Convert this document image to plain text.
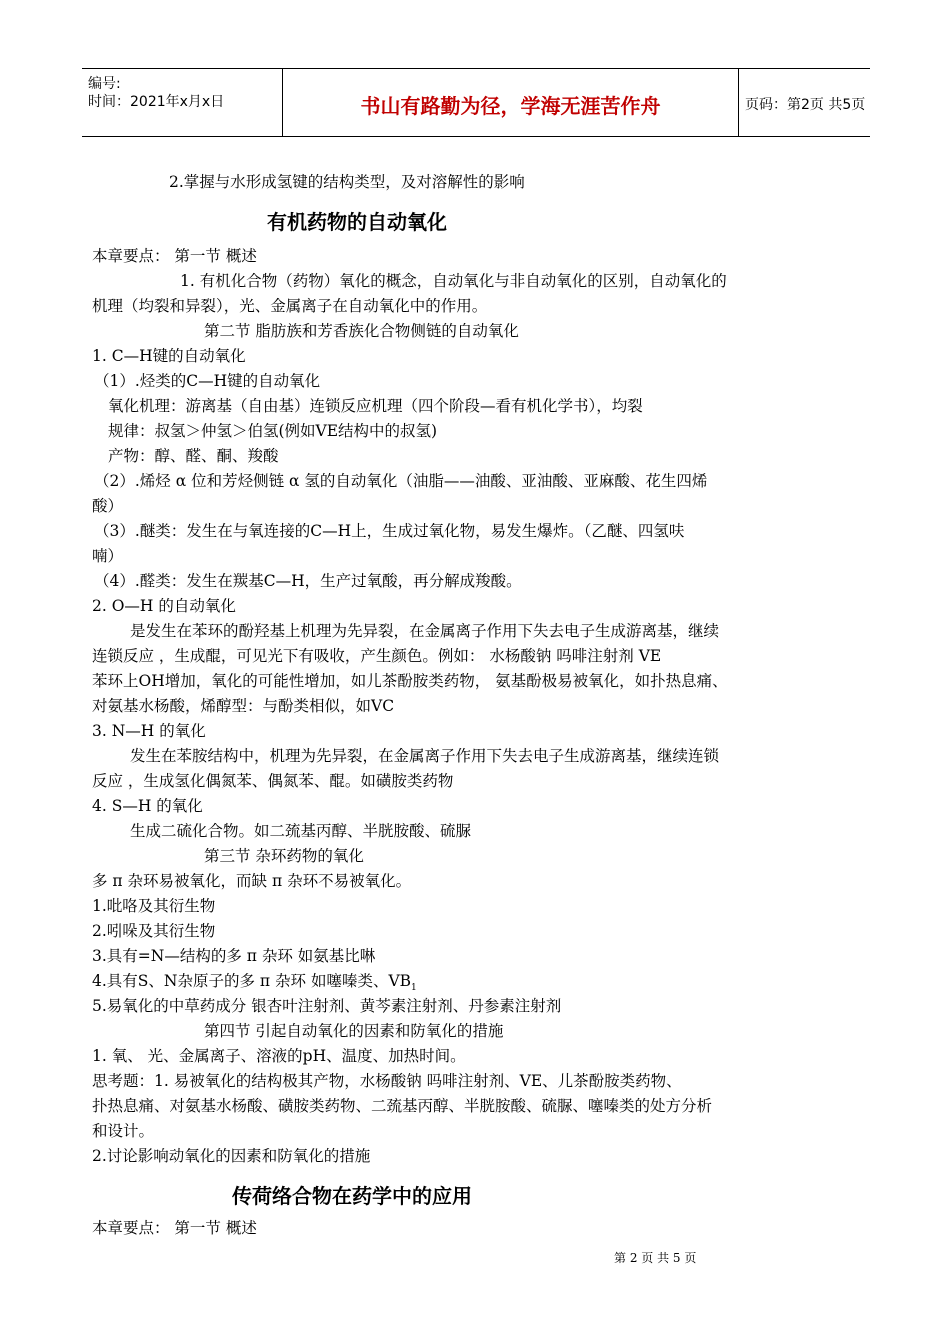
编号:
时间：2021年x月x日	书山有路勤为径，学海无涯苦作舟	页码：第2页 共5页
2.掌握与水形成氢键的结构类型，及对溶解性的影响
有机药物的自动氧化
本章要点： 第一节 概述
1. 有机化合物（药物）氧化的概念，自动氧化与非自动氧化的区别，自动氧化的
机理（均裂和异裂），光、金属离子在自动氧化中的作用。
第二节 脂肪族和芳香族化合物侧链的自动氧化
1. C—H键的自动氧化
（1）.烃类的C—H键的自动氧化
氧化机理：游离基（自由基）连锁反应机理（四个阶段—看有机化学书），均裂
规律：叔氢＞仲氢＞伯氢(例如VE结构中的叔氢)
产物：醇、醛、酮、羧酸
（2）.烯烃 α 位和芳烃侧链 α 氢的自动氧化（油脂——油酸、亚油酸、亚麻酸、花生四烯
酸）
（3）.醚类：发生在与氧连接的C—H上，生成过氧化物，易发生爆炸。（乙醚、四氢呋
喃）
（4）.醛类：发生在羰基C—H，生产过氧酸，再分解成羧酸。
2. O—H 的自动氧化
是发生在苯环的酚羟基上机理为先异裂，在金属离子作用下失去电子生成游离基，继续
连锁反应 ，生成醌，可见光下有吸收，产生颜色。例如： 水杨酸钠 吗啡注射剂 VE
苯环上OH增加，氧化的可能性增加，如儿茶酚胺类药物， 氨基酚极易被氧化，如扑热息痛、
对氨基水杨酸，烯醇型：与酚类相似，如VC
3. N—H 的氧化
发生在苯胺结构中，机理为先异裂，在金属离子作用下失去电子生成游离基，继续连锁
反应 ，生成氢化偶氮苯、偶氮苯、醌。如磺胺类药物
4. S—H 的氧化
生成二硫化合物。如二巯基丙醇、半胱胺酸、硫脲
第三节 杂环药物的氧化
多 π 杂环易被氧化，而缺 π 杂环不易被氧化。
1.吡咯及其衍生物
2.吲哚及其衍生物
3.具有=N—结构的多 π 杂环 如氨基比啉
4.具有S、N杂原子的多 π 杂环 如噻嗪类、$VB_1$
5.易氧化的中草药成分 银杏叶注射剂、黄芩素注射剂、丹参素注射剂
第四节 引起自动氧化的因素和防氧化的措施
1. 氧、 光、金属离子、溶液的pH、温度、加热时间。
思考题：1. 易被氧化的结构极其产物，水杨酸钠 吗啡注射剂、VE、儿茶酚胺类药物、
扑热息痛、对氨基水杨酸、磺胺类药物、二巯基丙醇、半胱胺酸、硫脲、噻嗪类的处方分析
和设计。
2.讨论影响动氧化的因素和防氧化的措施
传荷络合物在药学中的应用
本章要点： 第一节 概述
第 2 页 共 5 页
